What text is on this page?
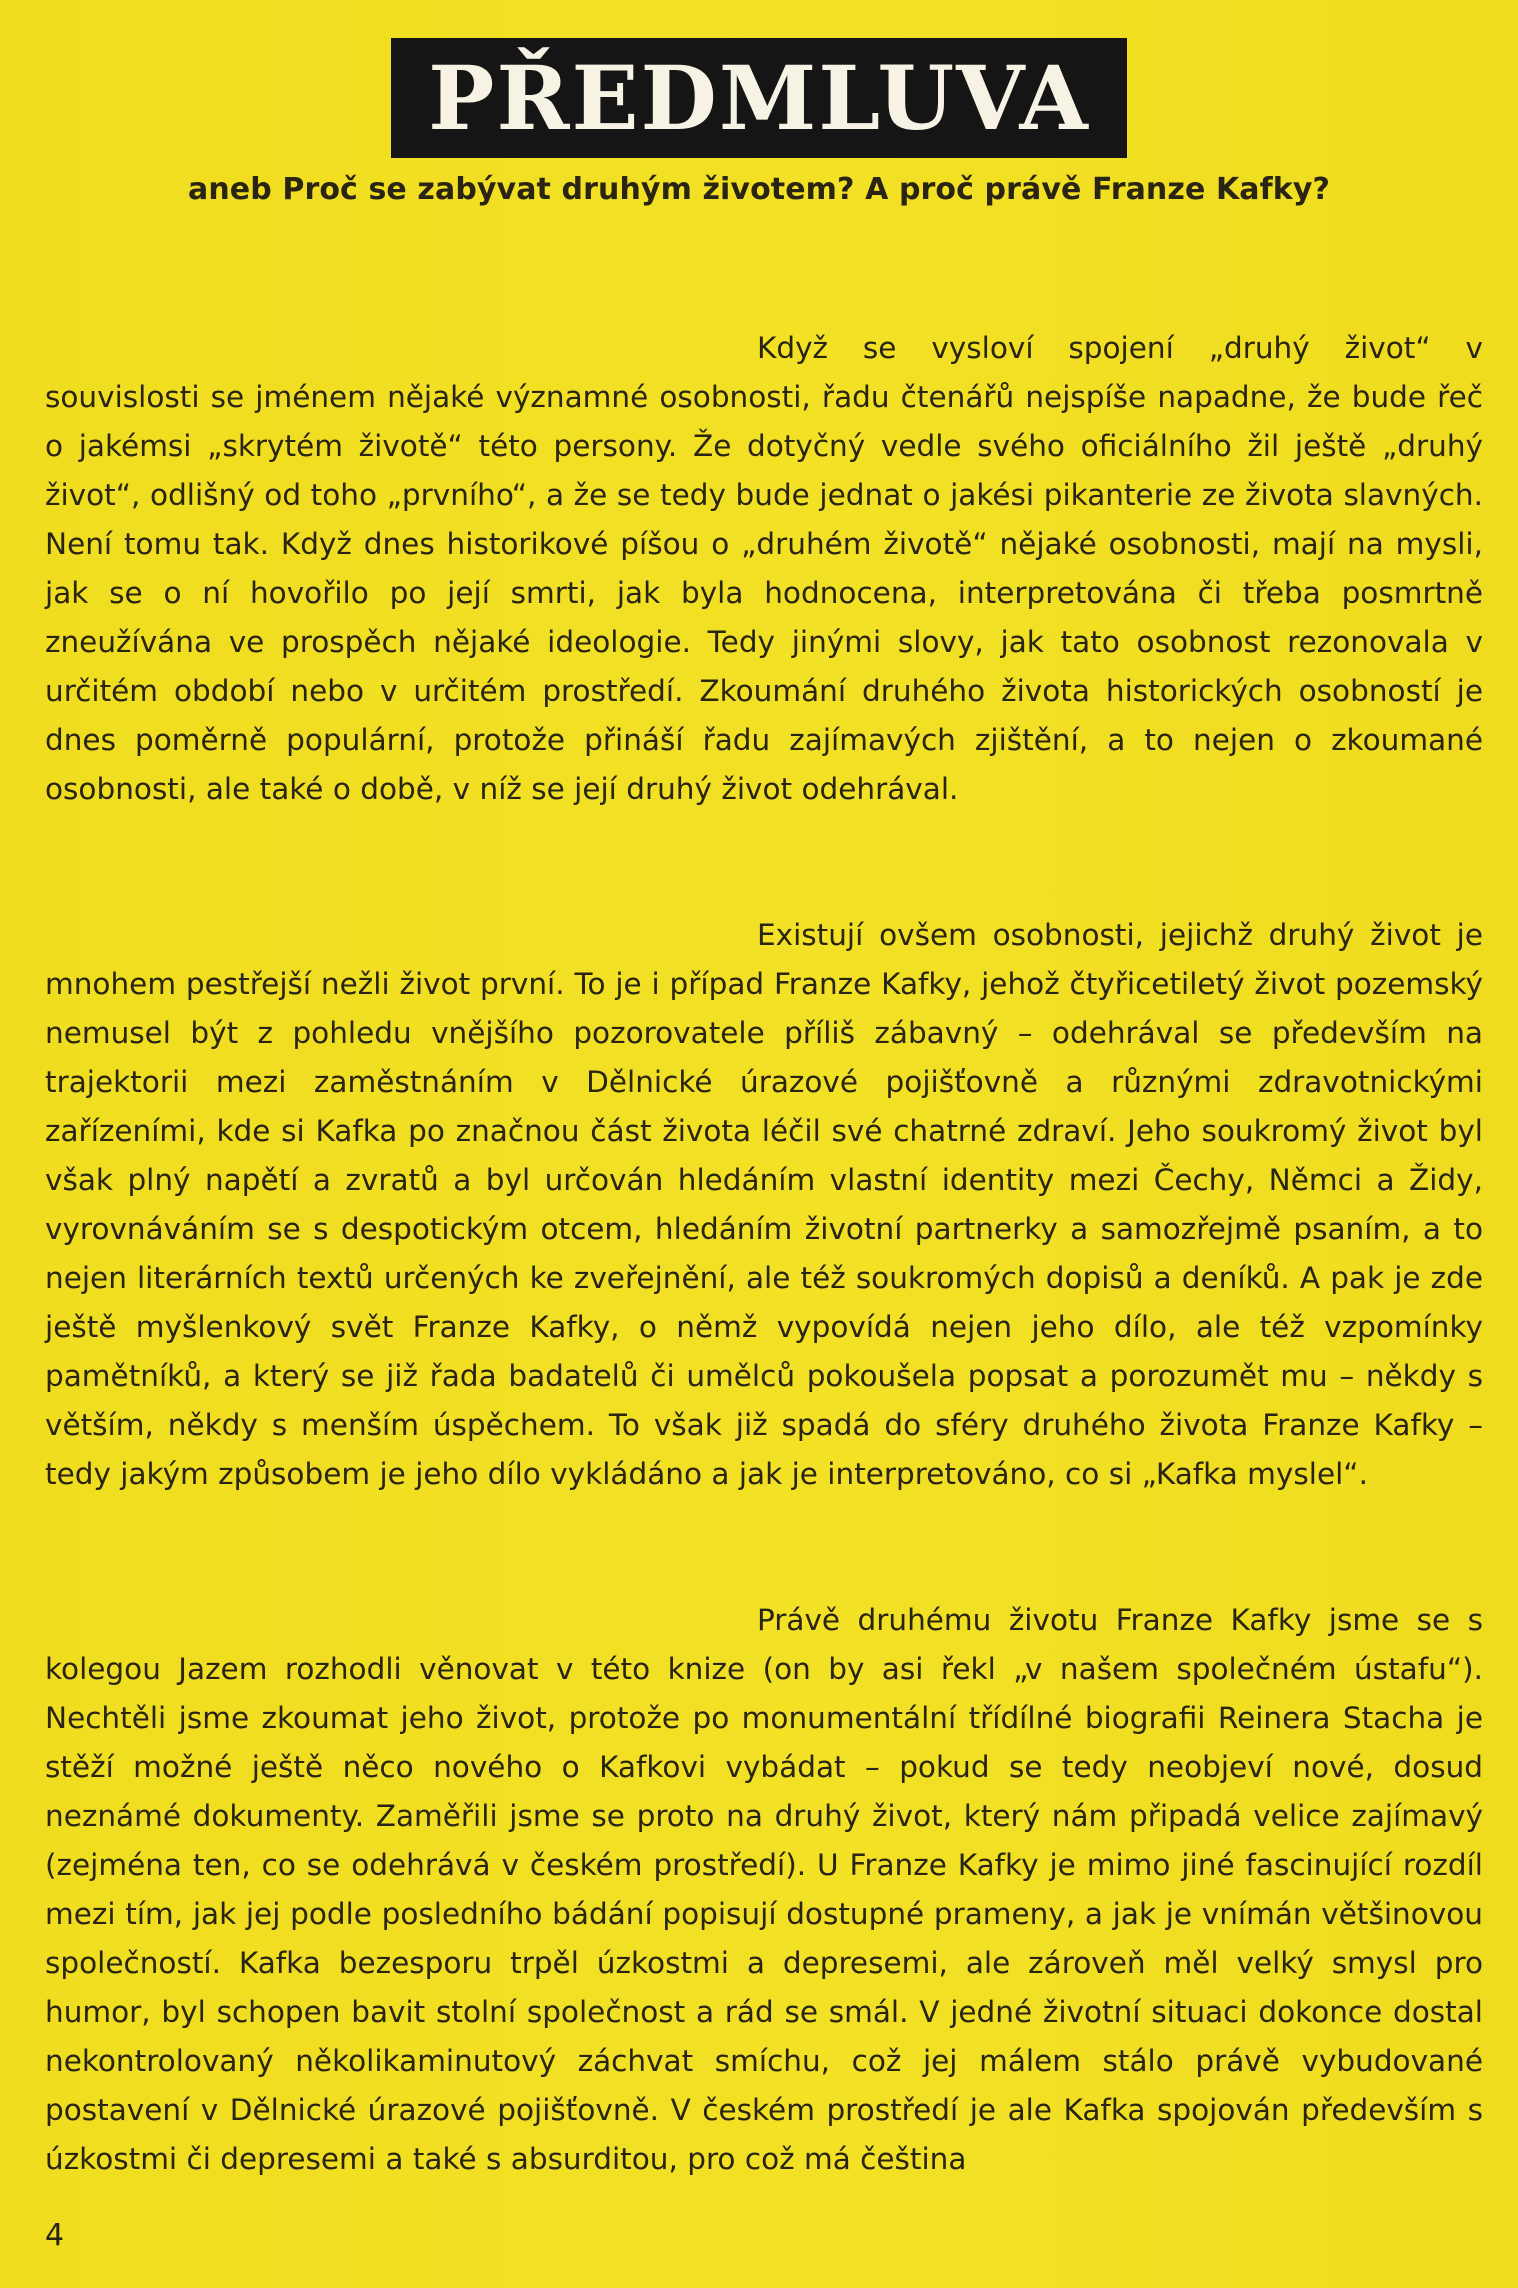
PŘEDMLUVA
aneb Proč se zabývat druhým životem? A proč právě Franze Kafky?

Když se vysloví spojení „druhý život“ v souvislosti se jménem nějaké významné osobnosti, řadu čtenářů nejspíše napadne, že bude řeč o jakémsi „skrytém životě“ této persony. Že dotyčný vedle svého oficiálního žil ještě „druhý život“, odlišný od toho „prvního“, a že se tedy bude jednat o jakési pikanterie ze života slavných. Není tomu tak. Když dnes historikové píšou o „druhém životě“ nějaké osobnosti, mají na mysli, jak se o ní hovořilo po její smrti, jak byla hodnocena, interpretována či třeba posmrtně zneužívána ve prospěch nějaké ideologie. Tedy jinými slovy, jak tato osobnost rezonovala v určitém období nebo v určitém prostředí. Zkoumání druhého života historických osobností je dnes poměrně populární, protože přináší řadu zajímavých zjištění, a to nejen o zkoumané osobnosti, ale také o době, v níž se její druhý život odehrával.

Existují ovšem osobnosti, jejichž druhý život je mnohem pestřejší nežli život první. To je i případ Franze Kafky, jehož čtyřicetiletý život pozemský nemusel být z pohledu vnějšího pozorovatele příliš zábavný – odehrával se především na trajektorii mezi zaměstnáním v Dělnické úrazové pojišťovně a různými zdravotnickými zařízeními, kde si Kafka po značnou část života léčil své chatrné zdraví. Jeho soukromý život byl však plný napětí a zvratů a byl určován hledáním vlastní identity mezi Čechy, Němci a Židy, vyrovnáváním se s despotickým otcem, hledáním životní partnerky a samozřejmě psaním, a to nejen literárních textů určených ke zveřejnění, ale též soukromých dopisů a deníků. A pak je zde ještě myšlenkový svět Franze Kafky, o němž vypovídá nejen jeho dílo, ale též vzpomínky pamětníků, a který se již řada badatelů či umělců pokoušela popsat a porozumět mu – někdy s větším, někdy s menším úspěchem. To však již spadá do sféry druhého života Franze Kafky – tedy jakým způsobem je jeho dílo vykládáno a jak je interpretováno, co si „Kafka myslel“.

Právě druhému životu Franze Kafky jsme se s kolegou Jazem rozhodli věnovat v této knize (on by asi řekl „v našem společném ústafu“). Nechtěli jsme zkoumat jeho život, protože po monumentální třídílné biografii Reinera Stacha je stěží možné ještě něco nového o Kafkovi vybádat – pokud se tedy neobjeví nové, dosud neznámé dokumenty. Zaměřili jsme se proto na druhý život, který nám připadá velice zajímavý (zejména ten, co se odehrává v českém prostředí). U Franze Kafky je mimo jiné fascinující rozdíl mezi tím, jak jej podle posledního bádání popisují dostupné prameny, a jak je vnímán většinovou společností. Kafka bezesporu trpěl úzkostmi a depresemi, ale zároveň měl velký smysl pro humor, byl schopen bavit stolní společnost a rád se smál. V jedné životní situaci dokonce dostal nekontrolovaný několikaminutový záchvat smíchu, což jej málem stálo právě vybudované postavení v Dělnické úrazové pojišťovně. V českém prostředí je ale Kafka spojován především s úzkostmi či depresemi a také s absurditou, pro což má čeština

4
